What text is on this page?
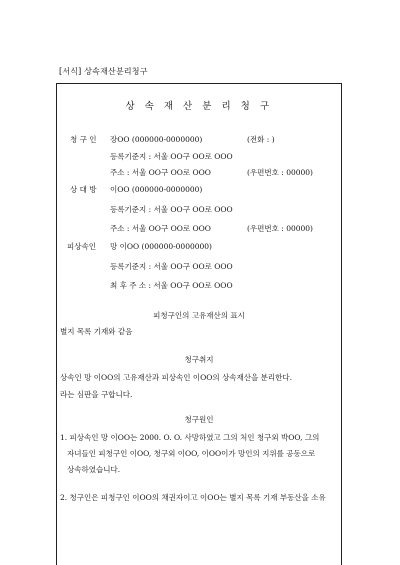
[서식] 상속재산분리청구
상 속 재 산 분 리 청 구
청 구 인 장OO (000000-0000000)	(전화 : )
등록기준지 : 서울 OO구 OO로 OOO
주소 : 서울 OO구 OO로 OOO	(우편번호 : 00000)
상 대 방 이OO (000000-0000000)
등록기준지 : 서울 OO구 OO로 OOO
주소 : 서울 OO구 OO로 OOO	(우편번호 : 00000)
피상속인 망 이OO (000000-0000000)
등록기준지 : 서울 OO구 OO로 OOO
최 후 주 소 : 서울 OO구 OO로 OOO
피청구인의 고유재산의 표시
별지 목록 기재와 같음
청구취지
상속인 망 이OO의 고유재산과 피상속인 이OO의 상속재산을 분리한다.
라는 심판을 구합니다.
청구원인
1. 피상속인 망 이OO는 2000. O. O. 사망하였고 그의 처인 청구외 박OO, 그의
자녀들인 피청구인 이OO, 청구외 이OO, 이OO이가 망인의 지위를 공동으로
상속하였습니다.
2. 청구인은 피청구인 이OO의 채권자이고 이OO는 별지 목록 기재 부동산을 소유
